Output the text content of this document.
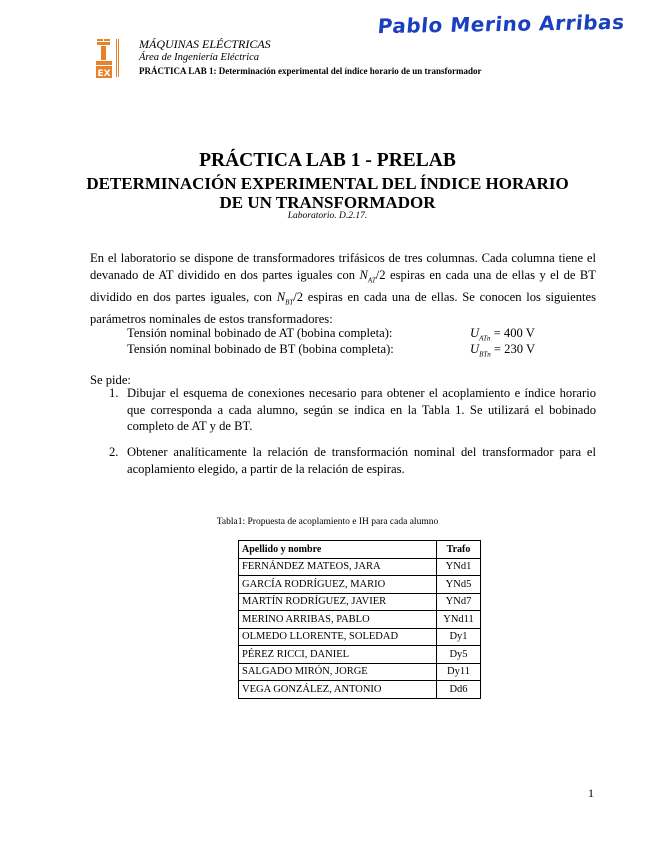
Pablo Merino Arribas
EX
MÁQUINAS ELÉCTRICAS
Área de Ingeniería Eléctrica
PRÁCTICA LAB 1: Determinación experimental del índice horario de un transformador
PRÁCTICA LAB 1 - PRELAB
DETERMINACIÓN EXPERIMENTAL DEL ÍNDICE HORARIO
DE UN TRANSFORMADOR
Laboratorio. D.2.17.
En el laboratorio se dispone de transformadores trifásicos de tres columnas. Cada columna tiene el devanado de AT dividido en dos partes iguales con $N_{AT}/2$ espiras en cada una de ellas y el de BT dividido en dos partes iguales, con $N_{BT}/2$ espiras en cada una de ellas. Se conocen los siguientes parámetros nominales de estos transformadores:
Tensión nominal bobinado de AT (bobina completa):	$U_{ATn} = 400$ V
Tensión nominal bobinado de BT (bobina completa):	$U_{BTn} = 230$ V
Se pide:
1. Dibujar el esquema de conexiones necesario para obtener el acoplamiento e índice horario que corresponda a cada alumno, según se indica en la Tabla 1. Se utilizará el bobinado completo de AT y de BT.
2. Obtener analíticamente la relación de transformación nominal del transformador para el acoplamiento elegido, a partir de la relación de espiras.
Tabla1: Propuesta de acoplamiento e IH para cada alumno
Apellido y nombre	Trafo
FERNÁNDEZ MATEOS, JARA	YNd1
GARCÍA RODRÍGUEZ, MARIO	YNd5
MARTÍN RODRÍGUEZ, JAVIER	YNd7
MERINO ARRIBAS, PABLO	YNd11
OLMEDO LLORENTE, SOLEDAD	Dy1
PÉREZ RICCI, DANIEL	Dy5
SALGADO MIRÓN, JORGE	Dy11
VEGA GONZÁLEZ, ANTONIO	Dd6
1
